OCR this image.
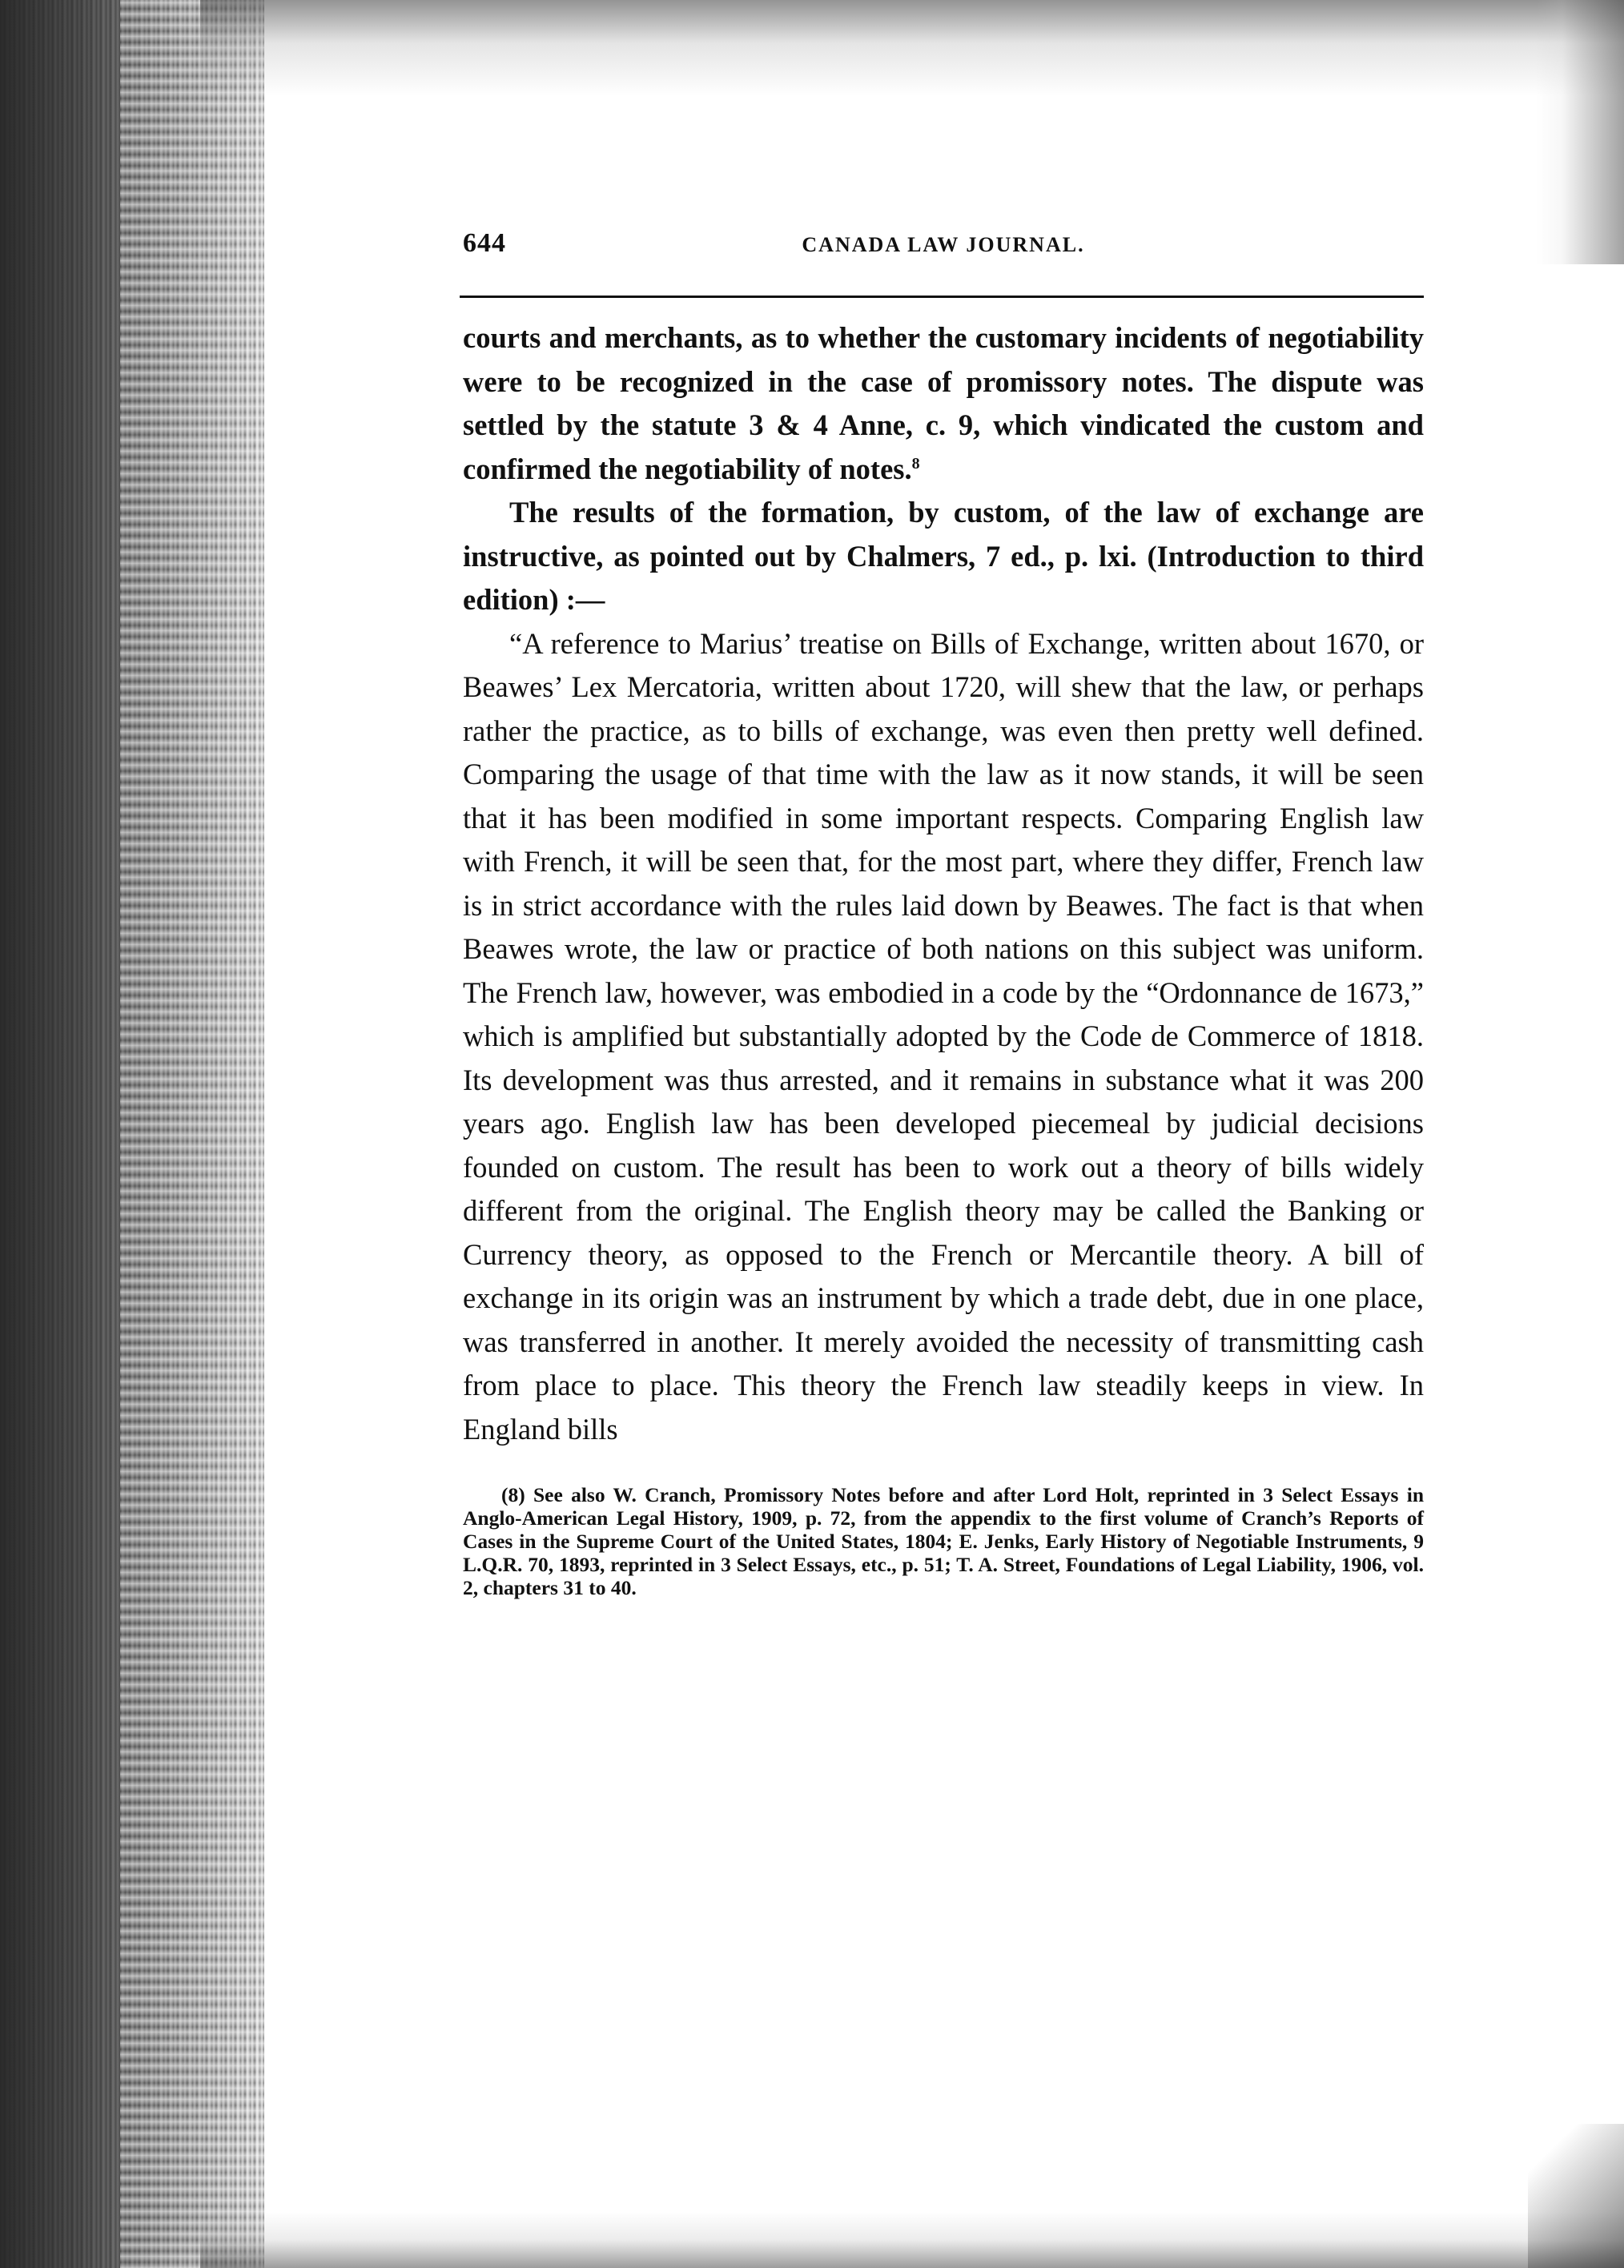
644	CANADA LAW JOURNAL.

courts and merchants, as to whether the customary incidents of negotiability were to be recognized in the case of promissory notes. The dispute was settled by the statute 3 & 4 Anne, c. 9, which vindicated the custom and confirmed the negotiability of notes.$^8$

The results of the formation, by custom, of the law of exchange are instructive, as pointed out by Chalmers, 7 ed., p. lxi. (Introduction to third edition) :—

“A reference to Marius’ treatise on Bills of Exchange, written about 1670, or Beawes’ Lex Mercatoria, written about 1720, will shew that the law, or perhaps rather the practice, as to bills of exchange, was even then pretty well defined. Comparing the usage of that time with the law as it now stands, it will be seen that it has been modified in some important respects. Comparing English law with French, it will be seen that, for the most part, where they differ, French law is in strict accordance with the rules laid down by Beawes. The fact is that when Beawes wrote, the law or practice of both nations on this subject was uniform. The French law, however, was embodied in a code by the “Ordonnance de 1673,” which is amplified but substantially adopted by the Code de Commerce of 1818. Its development was thus arrested, and it remains in substance what it was 200 years ago. English law has been developed piecemeal by judicial decisions founded on custom. The result has been to work out a theory of bills widely different from the original. The English theory may be called the Banking or Currency theory, as opposed to the French or Mercantile theory. A bill of exchange in its origin was an instrument by which a trade debt, due in one place, was transferred in another. It merely avoided the necessity of transmitting cash from place to place. This theory the French law steadily keeps in view. In England bills

(8) See also W. Cranch, Promissory Notes before and after Lord Holt, reprinted in 3 Select Essays in Anglo-American Legal History, 1909, p. 72, from the appendix to the first volume of Cranch’s Reports of Cases in the Supreme Court of the United States, 1804; E. Jenks, Early History of Negotiable Instruments, 9 L.Q.R. 70, 1893, reprinted in 3 Select Essays, etc., p. 51; T. A. Street, Foundations of Legal Liability, 1906, vol. 2, chapters 31 to 40.
